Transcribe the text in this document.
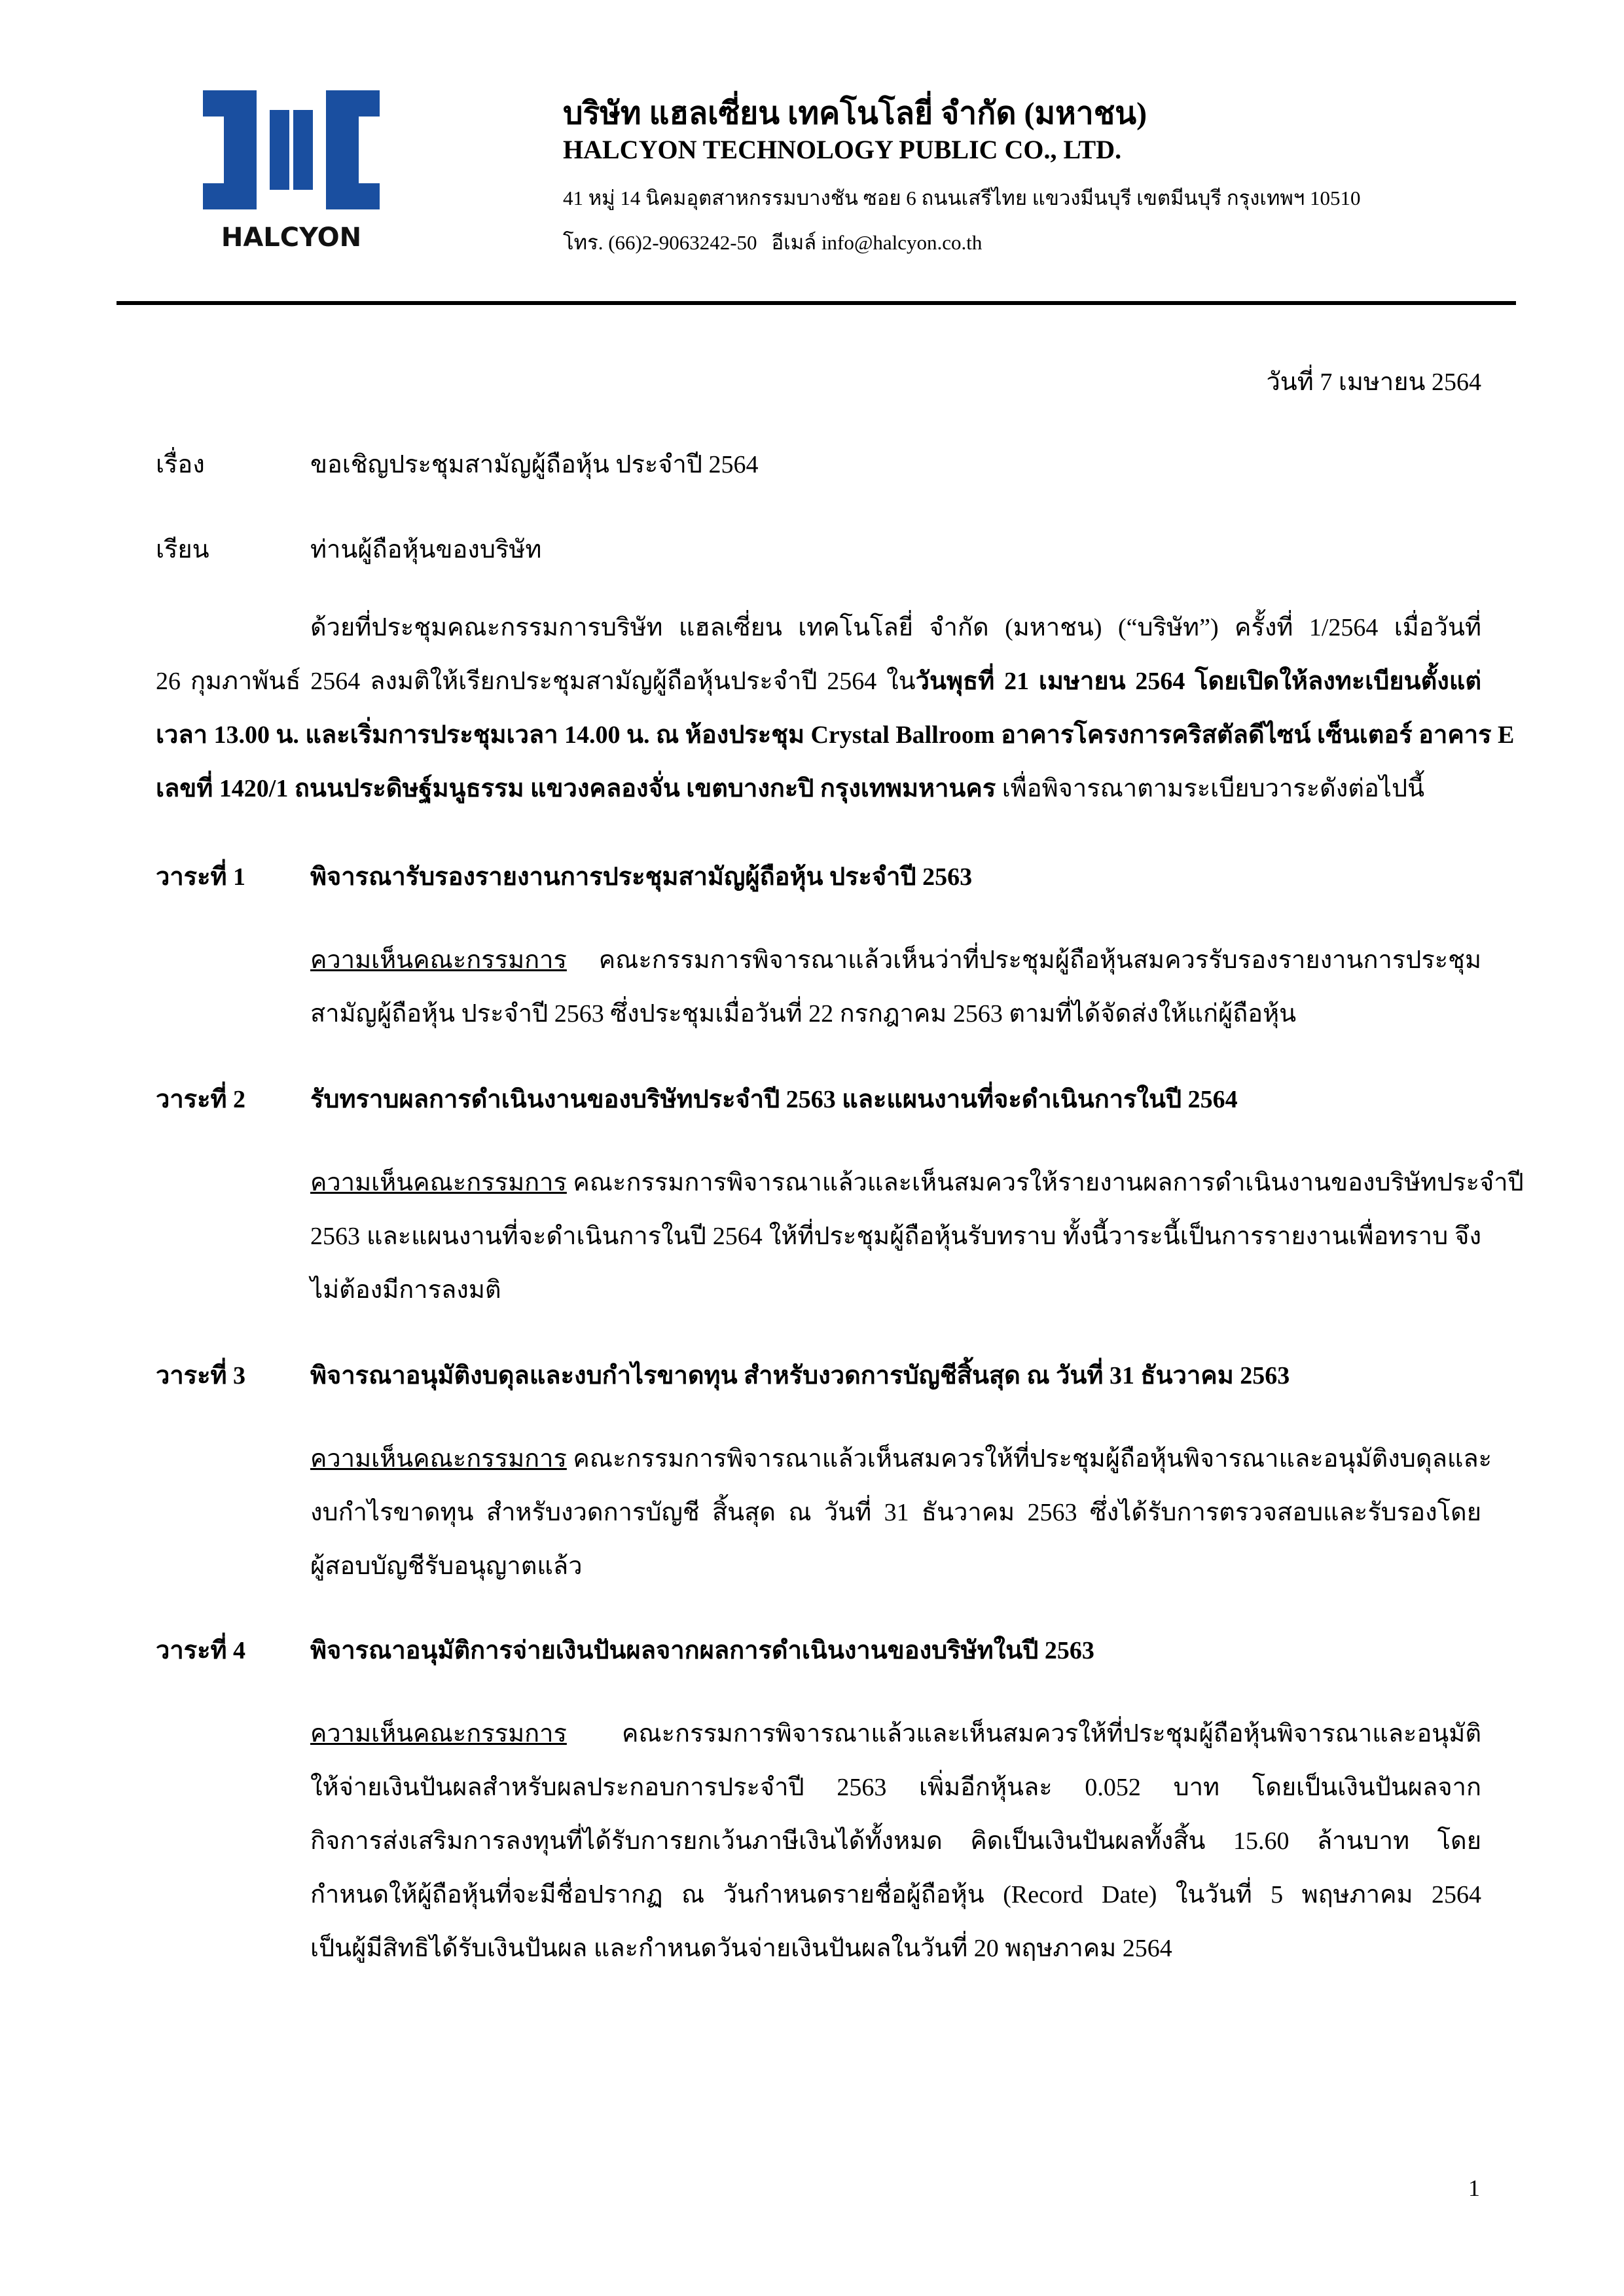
HALCYON
บริษัท แฮลเซี่ยน เทคโนโลยี่ จำกัด (มหาชน)
HALCYON TECHNOLOGY PUBLIC CO., LTD.
41 หมู่ 14 นิคมอุตสาหกรรมบางชัน ซอย 6 ถนนเสรีไทย แขวงมีนบุรี เขตมีนบุรี กรุงเทพฯ 10510
โทร. (66)2-9063242-50 อีเมล์ info@halcyon.co.th
วันที่ 7 เมษายน 2564
เรื่อง	ขอเชิญประชุมสามัญผู้ถือหุ้น ประจำปี 2564
เรียน	ท่านผู้ถือหุ้นของบริษัท
ด้วยที่ประชุมคณะกรรมการบริษัท แฮลเซี่ยน เทคโนโลยี่ จำกัด (มหาชน) (“บริษัท”) ครั้งที่ 1/2564 เมื่อวันที่
26 กุมภาพันธ์ 2564 ลงมติให้เรียกประชุมสามัญผู้ถือหุ้นประจำปี 2564 ในวันพุธที่ 21 เมษายน 2564 โดยเปิดให้ลงทะเบียนตั้งแต่
เวลา 13.00 น. และเริ่มการประชุมเวลา 14.00 น. ณ ห้องประชุม Crystal Ballroom อาคารโครงการคริสตัลดีไซน์ เซ็นเตอร์ อาคาร E
เลขที่ 1420/1 ถนนประดิษฐ์มนูธรรม แขวงคลองจั่น เขตบางกะปิ กรุงเทพมหานคร เพื่อพิจารณาตามระเบียบวาระดังต่อไปนี้
วาระที่ 1	พิจารณารับรองรายงานการประชุมสามัญผู้ถือหุ้น ประจำปี 2563
ความเห็นคณะกรรมการ คณะกรรมการพิจารณาแล้วเห็นว่าที่ประชุมผู้ถือหุ้นสมควรรับรองรายงานการประชุม
สามัญผู้ถือหุ้น ประจำปี 2563 ซึ่งประชุมเมื่อวันที่ 22 กรกฎาคม 2563 ตามที่ได้จัดส่งให้แก่ผู้ถือหุ้น
วาระที่ 2	รับทราบผลการดำเนินงานของบริษัทประจำปี 2563 และแผนงานที่จะดำเนินการในปี 2564
ความเห็นคณะกรรมการ คณะกรรมการพิจารณาแล้วและเห็นสมควรให้รายงานผลการดำเนินงานของบริษัทประจำปี
2563 และแผนงานที่จะดำเนินการในปี 2564 ให้ที่ประชุมผู้ถือหุ้นรับทราบ ทั้งนี้วาระนี้เป็นการรายงานเพื่อทราบ จึง
ไม่ต้องมีการลงมติ
วาระที่ 3	พิจารณาอนุมัติงบดุลและงบกำไรขาดทุน สำหรับงวดการบัญชีสิ้นสุด ณ วันที่ 31 ธันวาคม 2563
ความเห็นคณะกรรมการ คณะกรรมการพิจารณาแล้วเห็นสมควรให้ที่ประชุมผู้ถือหุ้นพิจารณาและอนุมัติงบดุลและ
งบกำไรขาดทุน สำหรับงวดการบัญชี สิ้นสุด ณ วันที่ 31 ธันวาคม 2563 ซึ่งได้รับการตรวจสอบและรับรองโดย
ผู้สอบบัญชีรับอนุญาตแล้ว
วาระที่ 4	พิจารณาอนุมัติการจ่ายเงินปันผลจากผลการดำเนินงานของบริษัทในปี 2563
ความเห็นคณะกรรมการ คณะกรรมการพิจารณาแล้วและเห็นสมควรให้ที่ประชุมผู้ถือหุ้นพิจารณาและอนุมัติ
ให้จ่ายเงินปันผลสำหรับผลประกอบการประจำปี 2563 เพิ่มอีกหุ้นละ 0.052 บาท โดยเป็นเงินปันผลจาก
กิจการส่งเสริมการลงทุนที่ได้รับการยกเว้นภาษีเงินได้ทั้งหมด คิดเป็นเงินปันผลทั้งสิ้น 15.60 ล้านบาท โดย
กำหนดให้ผู้ถือหุ้นที่จะมีชื่อปรากฏ ณ วันกำหนดรายชื่อผู้ถือหุ้น (Record Date) ในวันที่ 5 พฤษภาคม 2564
เป็นผู้มีสิทธิได้รับเงินปันผล และกำหนดวันจ่ายเงินปันผลในวันที่ 20 พฤษภาคม 2564
1
